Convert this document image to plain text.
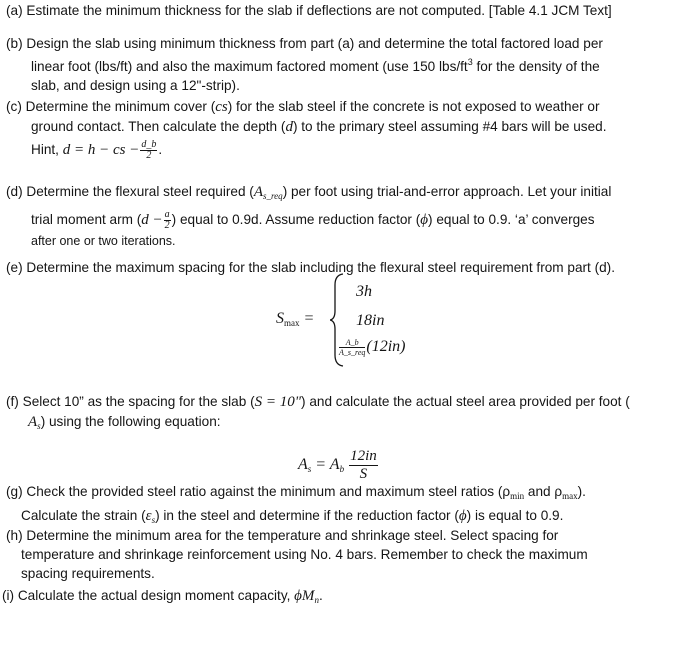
(a) Estimate the minimum thickness for the slab if deflections are not computed. [Table 4.1 JCM Text]
(b) Design the slab using minimum thickness from part (a) and determine the total factored load per
linear foot (lbs/ft) and also the maximum factored moment (use 150 lbs/$ft^3$ for the density of the
slab, and design using a 12"-strip).
(c) Determine the minimum cover (cs) for the slab steel if the concrete is not exposed to weather or
ground contact. Then calculate the depth (d) to the primary steel assuming #4 bars will be used.
Hint, d = h − cs − $\frac{d\_b}{2}$ .
(d) Determine the flexural steel required $(A_{s\_req})$ per foot using trial-and-error approach. Let your initial
trial moment arm ($d - \frac{a}{2}$ ) equal to 0.9d. Assume reduction factor (ϕ) equal to 0.9. ‘a’ converges
after one or two iterations.
(e) Determine the maximum spacing for the slab including the flexural steel requirement from part (d).
$S_{max}$ =
3h
18in
$\frac{A\_b}{\text{A\_s\_req}} (12in)$
(f) Select 10” as the spacing for the slab (S = 10") and calculate the actual steel area provided per foot (
$A_s$) using the following equation:
$A_s = A_b \frac{12in}{S}$
(g) Check the provided steel ratio against the minimum and maximum steel ratios ($\rho_{min}$ and $\rho_{max}$).
Calculate the strain $(\varepsilon_s)$ in the steel and determine if the reduction factor (ϕ) is equal to 0.9.
(h) Determine the minimum area for the temperature and shrinkage steel. Select spacing for
temperature and shrinkage reinforcement using No. 4 bars. Remember to check the maximum
spacing requirements.
(i) Calculate the actual design moment capacity, $\phi M_n$.
